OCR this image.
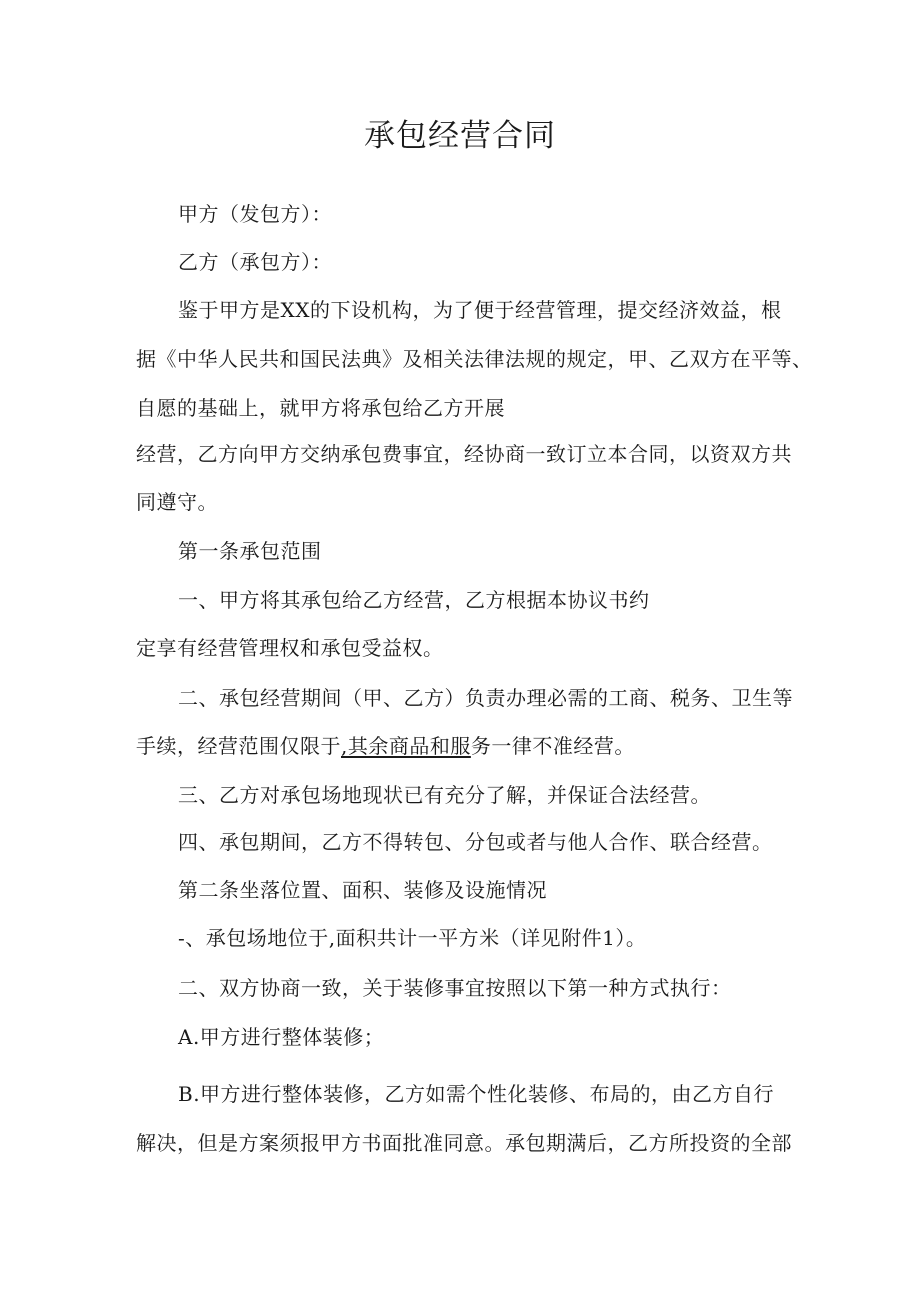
承包经营合同
甲方（发包方）：
乙方（承包方）：
鉴于甲方是XX的下设机构，为了便于经营管理，提交经济效益，根
据《中华人民共和国民法典》及相关法律法规的规定，甲、乙双方在平等、
自愿的基础上，就甲方将承包给乙方开展
经营，乙方向甲方交纳承包费事宜，经协商一致订立本合同，以资双方共
同遵守。
第一条承包范围
一、甲方将其承包给乙方经营，乙方根据本协议书约
定享有经营管理权和承包受益权。
二、承包经营期间（甲、乙方）负责办理必需的工商、税务、卫生等
手续，经营范围仅限于,其余商品和服务一律不准经营。
三、乙方对承包场地现状已有充分了解，并保证合法经营。
四、承包期间，乙方不得转包、分包或者与他人合作、联合经营。
第二条坐落位置、面积、装修及设施情况
-、承包场地位于,面积共计一平方米（详见附件1）。
二、双方协商一致，关于装修事宜按照以下第一种方式执行：
A.甲方进行整体装修；
B.甲方进行整体装修，乙方如需个性化装修、布局的，由乙方自行
解决，但是方案须报甲方书面批准同意。承包期满后，乙方所投资的全部
